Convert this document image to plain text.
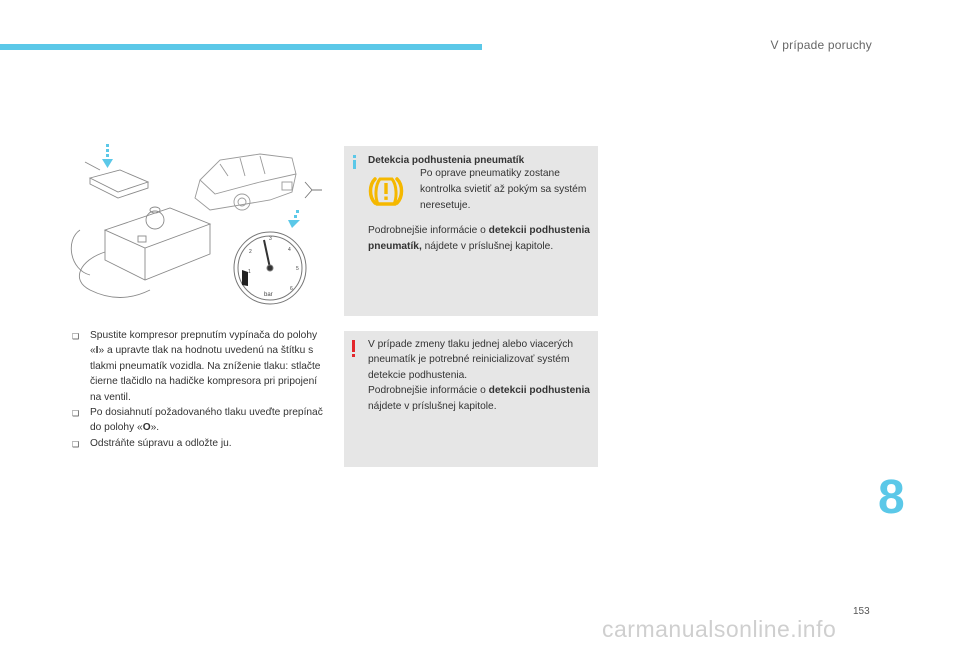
V prípade poruchy
1
2
3
4
5
6
bar
❑	Spustite kompresor prepnutím vypínača do polohy «I» a upravte tlak na hodnotu uvedenú na štítku s tlakmi pneumatík vozidla. Na zníženie tlaku: stlačte čierne tlačidlo na hadičke kompresora pri pripojení na ventil.
❑	Po dosiahnutí požadovaného tlaku uveďte prepínač do polohy «O».
❑	Odstráňte súpravu a odložte ju.
Detekcia podhustenia pneumatík
Po oprave pneumatiky zostane kontrolka svietiť až pokým sa systém neresetuje.
Podrobnejšie informácie o detekcii podhustenia pneumatík, nájdete v príslušnej kapitole.
V prípade zmeny tlaku jednej alebo viacerých pneumatík je potrebné reinicializovať systém detekcie podhustenia.
Podrobnejšie informácie o detekcii podhustenia nájdete v príslušnej kapitole.
8
153
carmanualsonline.info
